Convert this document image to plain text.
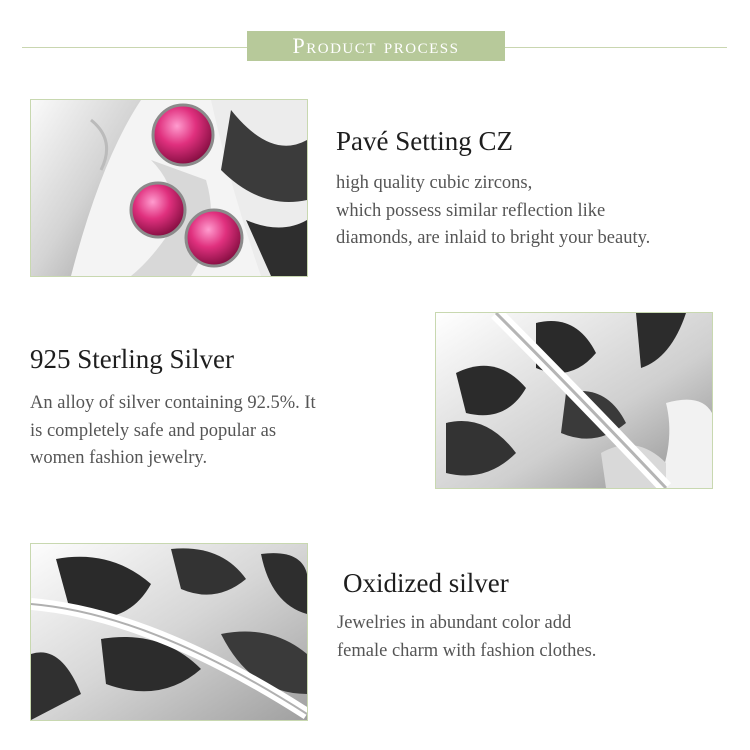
Product process
Pavé Setting CZ
high quality cubic zircons,
which possess similar reflection like
diamonds, are inlaid to bright your beauty.
925 Sterling Silver
An alloy of silver containing 92.5%. It
is completely safe and popular as
women fashion jewelry.
Oxidized silver
Jewelries in abundant color add
female charm with fashion clothes.
